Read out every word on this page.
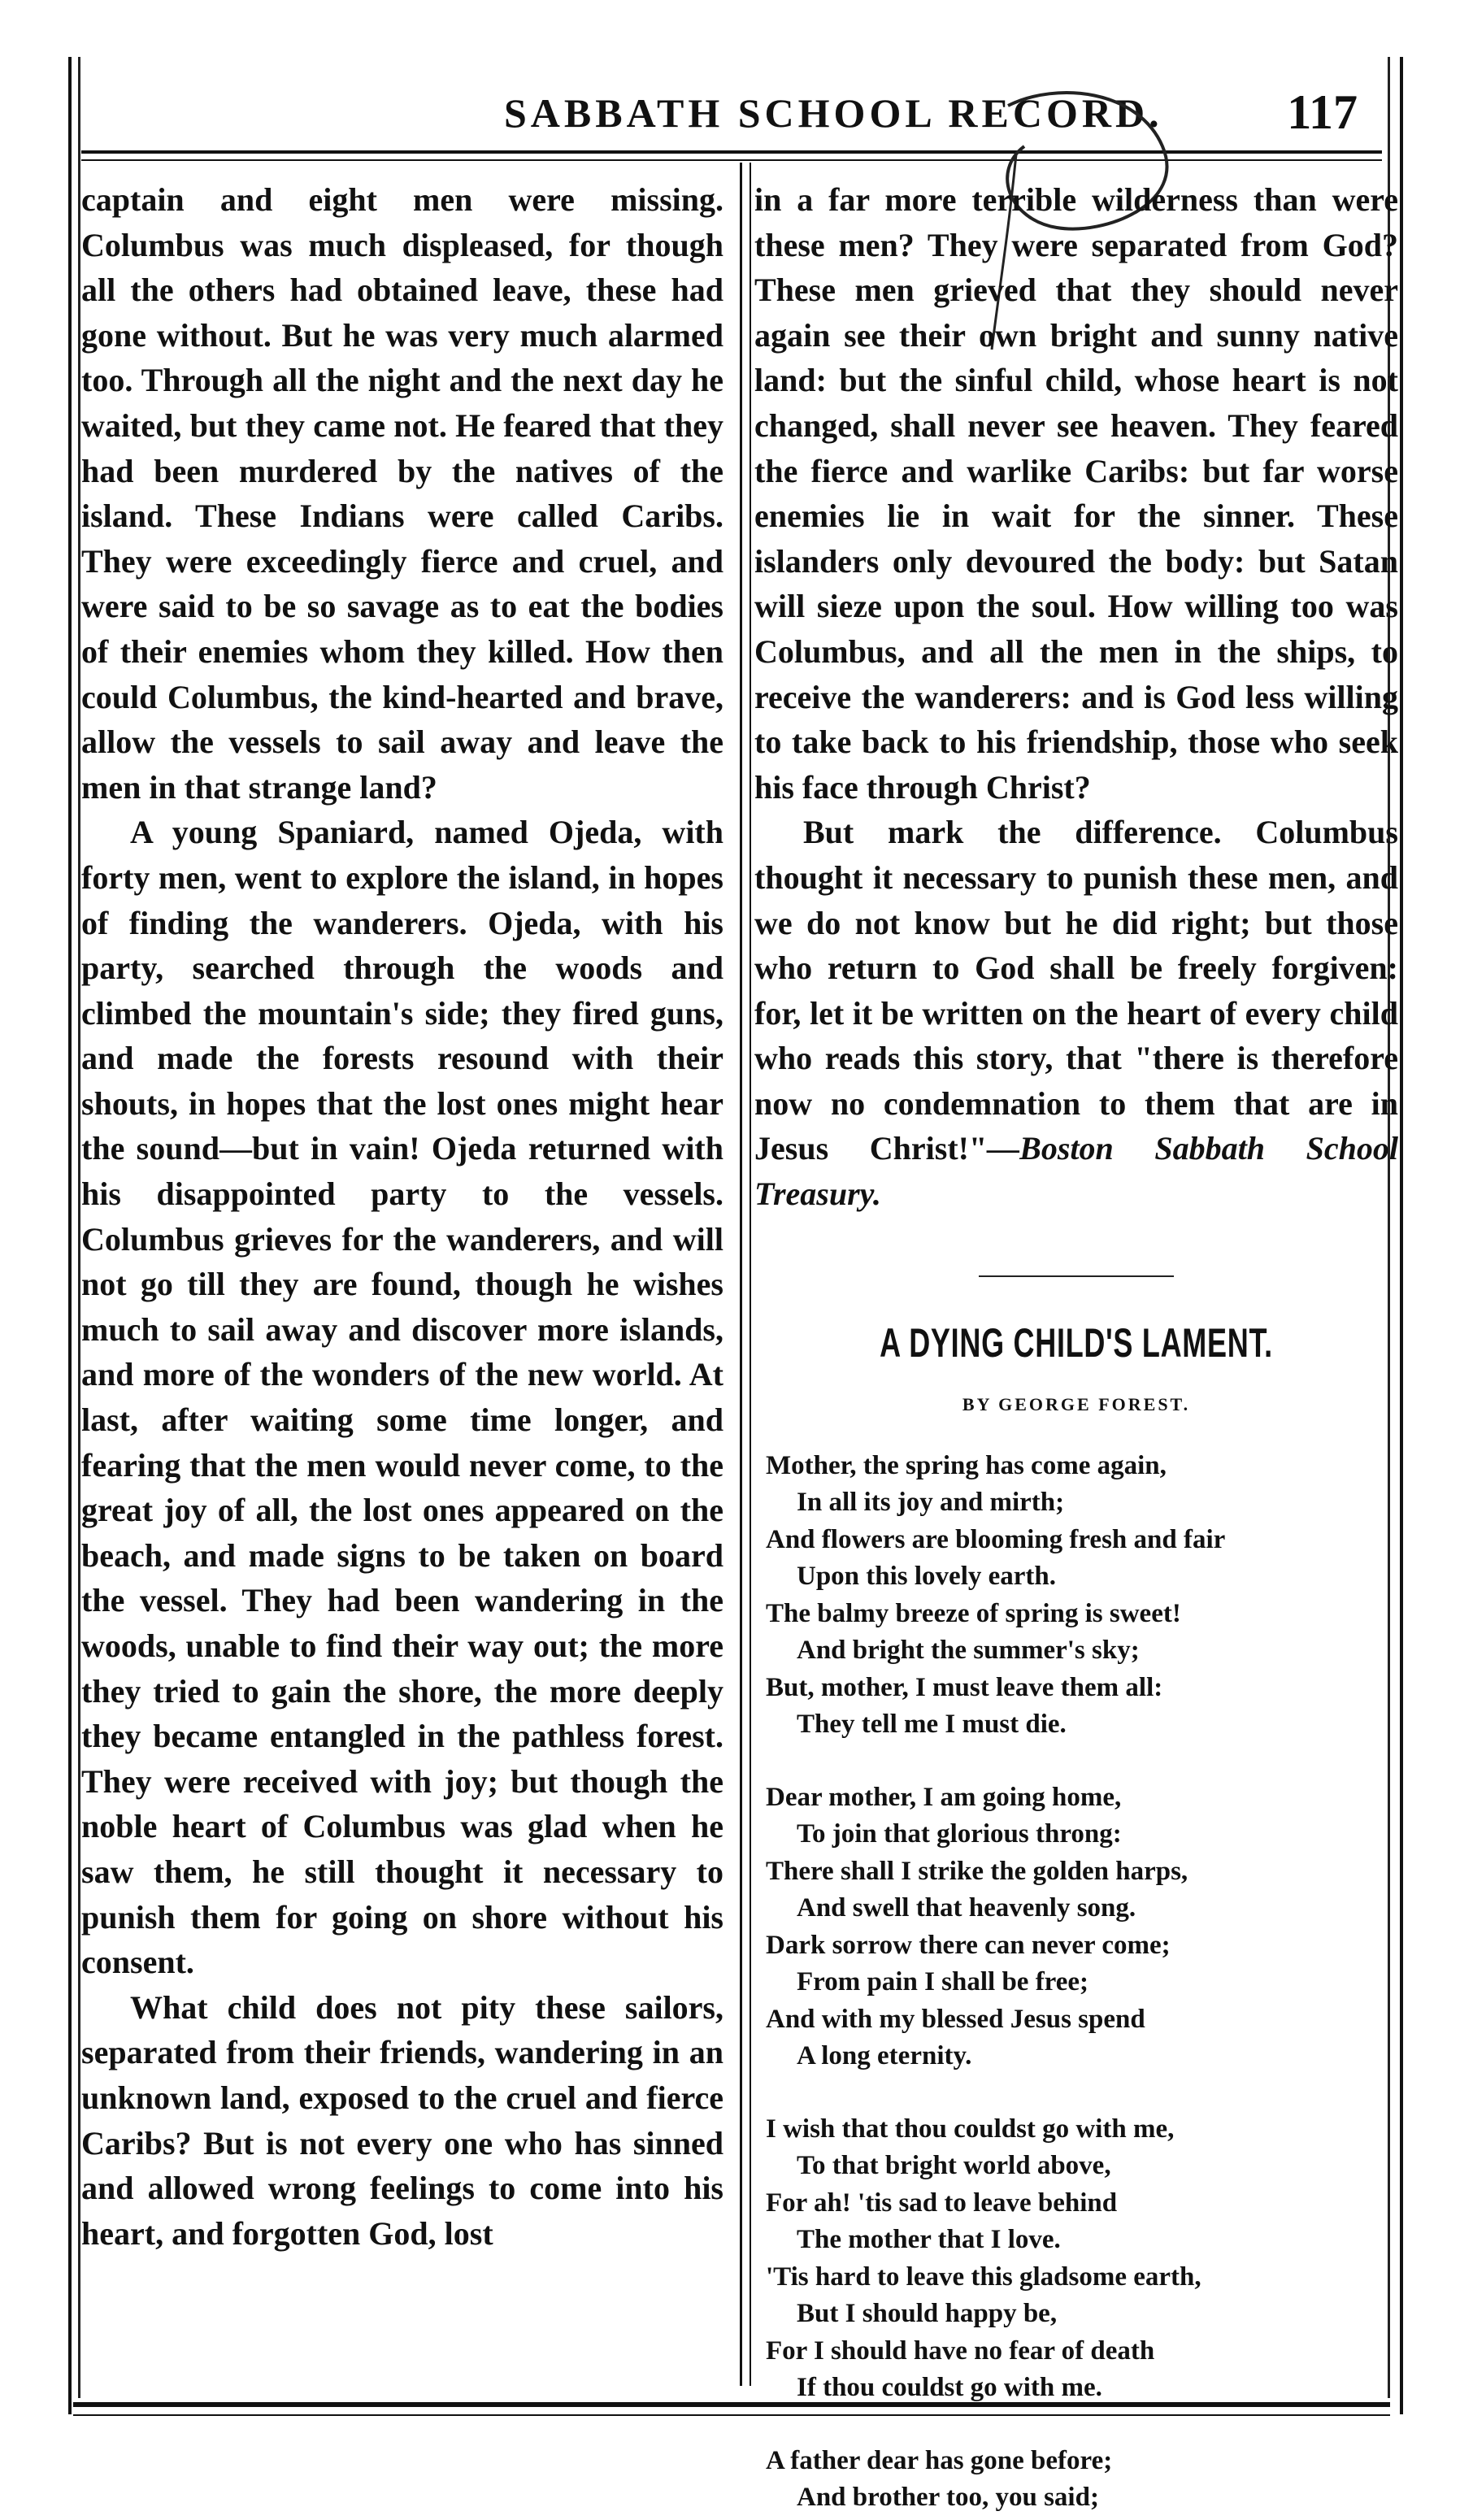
SABBATH SCHOOL RECORD.	117

captain and eight men were missing. Columbus was much displeased, for though all the others had obtained leave, these had gone without. But he was very much alarmed too. Through all the night and the next day he waited, but they came not. He feared that they had been murdered by the natives of the island. These Indians were called Caribs. They were exceedingly fierce and cruel, and were said to be so savage as to eat the bodies of their enemies whom they killed. How then could Columbus, the kind-hearted and brave, allow the vessels to sail away and leave the men in that strange land?

A young Spaniard, named Ojeda, with forty men, went to explore the island, in hopes of finding the wanderers. Ojeda, with his party, searched through the woods and climbed the mountain's side; they fired guns, and made the forests resound with their shouts, in hopes that the lost ones might hear the sound—but in vain! Ojeda returned with his disappointed party to the vessels. Columbus grieves for the wanderers, and will not go till they are found, though he wishes much to sail away and discover more islands, and more of the wonders of the new world. At last, after waiting some time longer, and fearing that the men would never come, to the great joy of all, the lost ones appeared on the beach, and made signs to be taken on board the vessel. They had been wandering in the woods, unable to find their way out; the more they tried to gain the shore, the more deeply they became entangled in the pathless forest. They were received with joy; but though the noble heart of Columbus was glad when he saw them, he still thought it necessary to punish them for going on shore without his consent.

What child does not pity these sailors, separated from their friends, wandering in an unknown land, exposed to the cruel and fierce Caribs? But is not every one who has sinned and allowed wrong feelings to come into his heart, and forgotten God, lost

in a far more terrible wilderness than were these men? They were separated from God? These men grieved that they should never again see their own bright and sunny native land: but the sinful child, whose heart is not changed, shall never see heaven. They feared the fierce and warlike Caribs: but far worse enemies lie in wait for the sinner. These islanders only devoured the body: but Satan will sieze upon the soul. How willing too was Columbus, and all the men in the ships, to receive the wanderers: and is God less willing to take back to his friendship, those who seek his face through Christ?

But mark the difference. Columbus thought it necessary to punish these men, and we do not know but he did right; but those who return to God shall be freely forgiven: for, let it be written on the heart of every child who reads this story, that "there is therefore now no condemnation to them that are in Jesus Christ!"—Boston Sabbath School Treasury.

A DYING CHILD'S LAMENT.
BY GEORGE FOREST.
Mother, the spring has come again,
In all its joy and mirth;
And flowers are blooming fresh and fair
Upon this lovely earth.
The balmy breeze of spring is sweet!
And bright the summer's sky;
But, mother, I must leave them all:
They tell me I must die.
Dear mother, I am going home,
To join that glorious throng:
There shall I strike the golden harps,
And swell that heavenly song.
Dark sorrow there can never come;
From pain I shall be free;
And with my blessed Jesus spend
A long eternity.
I wish that thou couldst go with me,
To that bright world above,
For ah! 'tis sad to leave behind
The mother that I love.
'Tis hard to leave this gladsome earth,
But I should happy be,
For I should have no fear of death
If thou couldst go with me.
A father dear has gone before;
And brother too, you said;
